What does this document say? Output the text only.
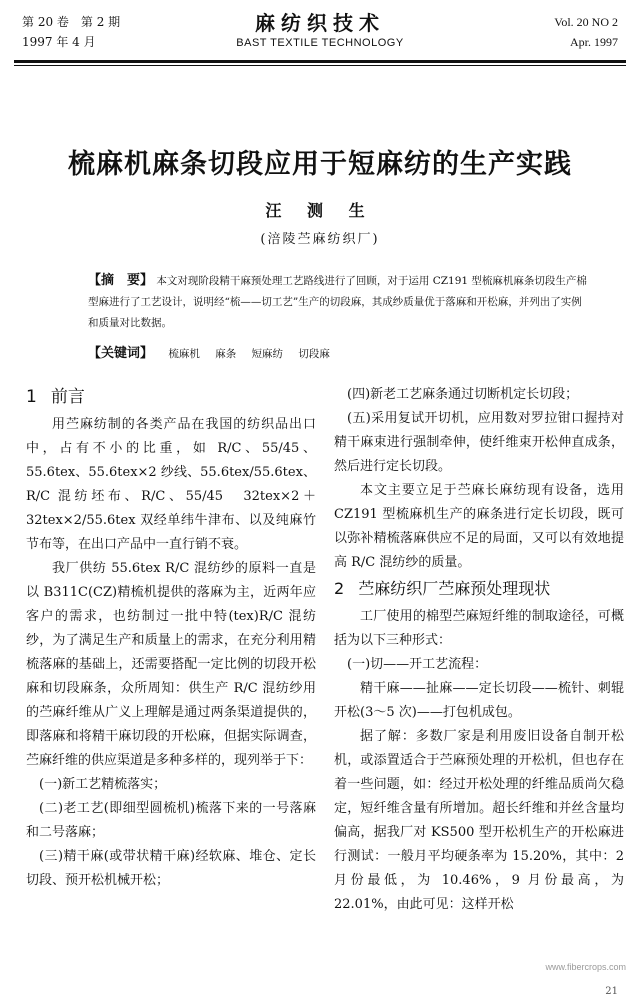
第 20 卷　第 2 期
1997 年 4 月
麻纺织技术
BAST TEXTILE TECHNOLOGY
Vol. 20 NO 2
Apr. 1997
梳麻机麻条切段应用于短麻纺的生产实践
汪 测 生
(涪陵苎麻纺织厂)
【摘　要】 本文对现阶段精干麻预处理工艺路线进行了回顾，对于运用 CZ191 型梳麻机麻条切段生产棉型麻进行了工艺设计，说明经“梳——切工艺”生产的切段麻，其成纱质量优于落麻和开松麻，并列出了实例和质量对比数据。
【关键词】 梳麻机 麻条 短麻纺 切段麻
1 前言

用苎麻纺制的各类产品在我国的纺织品出口中，占有不小的比重，如 R/C、55/45、55.6tex、55.6tex×2 纱线、55.6tex/55.6tex、R/C 混纺坯布、R/C、55/45　32tex×2＋32tex×2/55.6tex 双经单纬牛津布、以及纯麻竹节布等，在出口产品中一直行销不衰。

我厂供纺 55.6tex R/C 混纺纱的原料一直是以 B311C(CZ)精梳机提供的落麻为主，近两年应客户的需求，也纺制过一批中特(tex)R/C 混纺纱，为了满足生产和质量上的需求，在充分利用精梳落麻的基础上，还需要搭配一定比例的切段开松麻和切段麻条，众所周知：供生产 R/C 混纺纱用的苎麻纤维从广义上理解是通过两条渠道提供的，即落麻和将精干麻切段的开松麻，但据实际调查，苎麻纤维的供应渠道是多种多样的，现列举于下：

(一)新工艺精梳落实；

(二)老工艺(即细型圆梳机)梳落下来的一号落麻和二号落麻；

(三)精干麻(或带状精干麻)经软麻、堆仓、定长切段、预开松机械开松；

(四)新老工艺麻条通过切断机定长切段；

(五)采用复试开切机，应用数对罗拉钳口握持对精干麻束进行强制牵伸，使纤维束开松伸直成条，然后进行定长切段。

本文主要立足于苎麻长麻纺现有设备，选用 CZ191 型梳麻机生产的麻条进行定长切段，既可以弥补精梳落麻供应不足的局面，又可以有效地提高 R/C 混纺纱的质量。

2 苎麻纺织厂苎麻预处理现状

工厂使用的棉型苎麻短纤维的制取途径，可概括为以下三种形式：

(一)切——开工艺流程：

精干麻——扯麻——定长切段——梳针、刺辊开松(3～5 次)——打包机成包。

据了解：多数厂家是利用废旧设备自制开松机，或添置适合于苎麻预处理的开松机，但也存在着一些问题，如：经过开松处理的纤维品质尚欠稳定，短纤维含量有所增加。超长纤维和并丝含量均偏高，据我厂对 KS500 型开松机生产的开松麻进行测试：一般月平均硬条率为 15.20%，其中：2 月份最低，为 10.46%，9 月份最高，为 22.01%，由此可见：这样开松

www.fibercrops.com
21
